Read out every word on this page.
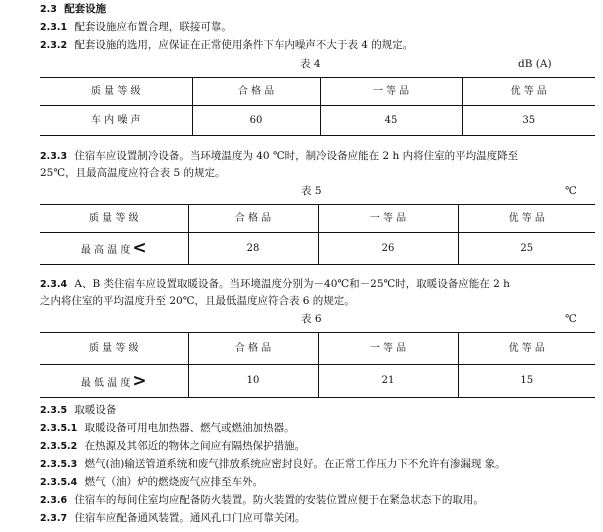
2.3 配套设施
2.3.1 配套设施应布置合理，联接可靠。
2.3.2 配套设施的选用，应保证在正常使用条件下车内噪声不大于表 4 的规定。
表 4	dB (A)
质 量 等 级	合 格 品	一 等 品	优 等 品
车 内 噪 声	60	45	35
2.3.3 住宿车应设置制冷设备。当环境温度为 40 ℃时，制冷设备应能在 2 h 内将住室的平均温度降至
25℃，且最高温度应符合表 5 的规定。
表 5	℃
质 量 等 级	合 格 品	一 等 品	优 等 品
最 高 温 度 <	28	26	25
2.3.4 A、B 类住宿车应设置取暖设备。当环境温度分别为－40℃和－25℃时，取暖设备应能在 2 h
之内将住室的平均温度升至 20℃，且最低温度应符合表 6 的规定。
表 6	℃
质 量 等 级	合 格 品	一 等 品	优 等 品
最 低 温 度 >	10	21	15
2.3.5 取暖设备
2.3.5.1 取暖设备可用电加热器、燃气或燃油加热器。
2.3.5.2 在热源及其邻近的物体之间应有隔热保护措施。
2.3.5.3 燃气(油)输送管道系统和废气排放系统应密封良好。在正常工作压力下不允许有渗漏现 象。
2.3.5.4 燃气（油）炉的燃烧废气应排至车外。
2.3.6 住宿车的每间住室均应配备防火装置。防火装置的安装位置应便于在紧急状态下的取用。
2.3.7 住宿车应配备通风装置。通风孔口门应可靠关闭。
